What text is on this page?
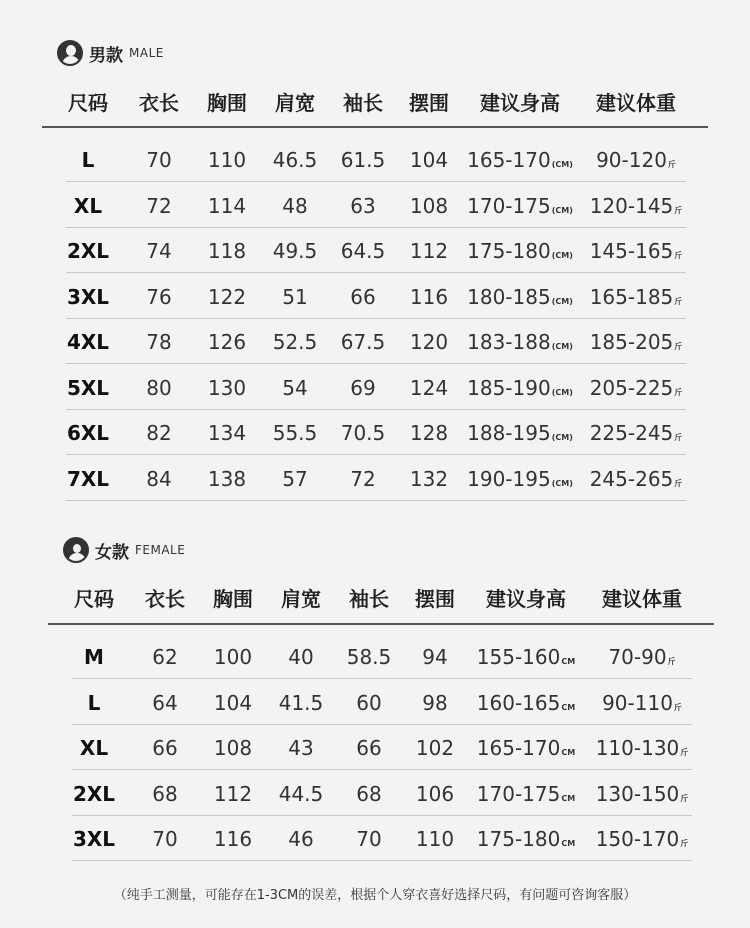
男款 MALE
尺码	衣长	胸围	肩宽	袖长	摆围	建议身高	建议体重
L	70	110	46.5	61.5	104 165-170(CM)	90-120斤
XL	72	114	48	63	108 170-175(CM) 120-145斤
2XL	74	118	49.5	64.5	112 175-180(CM) 145-165斤
3XL	76	122	51	66	116 180-185(CM) 165-185斤
4XL	78	126	52.5	67.5	120 183-188(CM) 185-205斤
5XL	80	130	54	69	124 185-190(CM) 205-225斤
6XL	82	134	55.5	70.5	128 188-195(CM) 225-245斤
7XL	84	138	57	72	132 190-195(CM) 245-265斤
女款 FEMALE
尺码	衣长	胸围	肩宽	袖长	摆围	建议身高	建议体重
M	62	100	40	58.5	94	155-160CM	70-90斤
L	64	104	41.5	60	98	160-165CM	90-110斤
XL	66	108	43	66	102	165-170CM	110-130斤
2XL	68	112	44.5	68	106	170-175CM	130-150斤
3XL	70	116	46	70	110	175-180CM	150-170斤
（纯手工测量，可能存在1-3CM的误差，根据个人穿衣喜好选择尺码，有问题可咨询客服）
